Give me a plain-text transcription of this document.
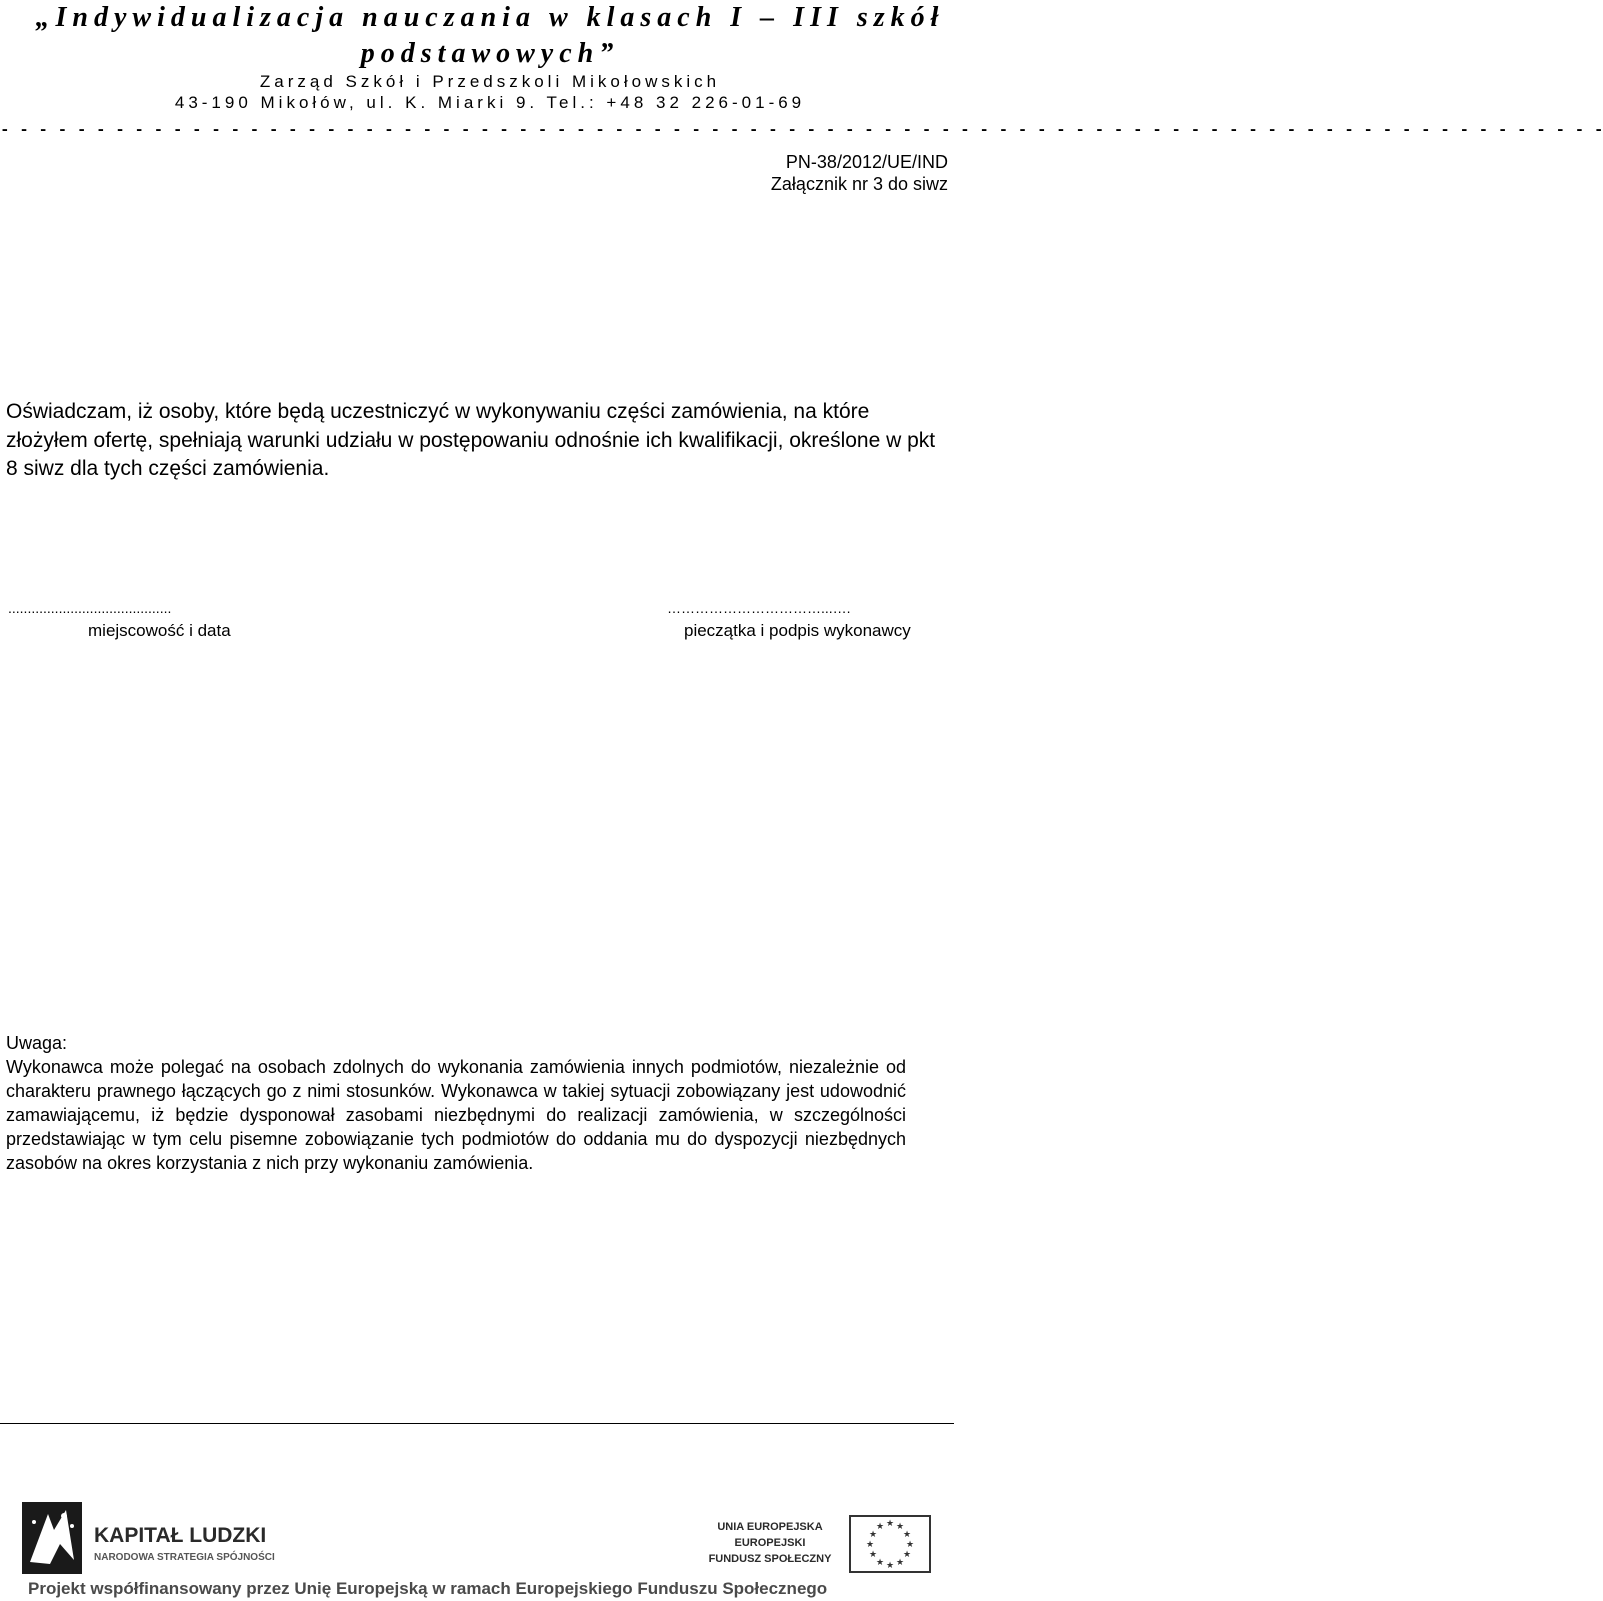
„Indywidualizacja nauczania w klasach I – III szkół
podstawowych”
Zarząd Szkół i Przedszkoli Mikołowskich
43-190 Mikołów, ul. K. Miarki 9. Tel.: +48 32 226-01-69
- - - - - - - - - - - - - - - - - - - - - - - - - - - - - - - - - - - - - - - - - - - - - - - - - - - - - - - - - - - - - - - - - - - - - - - - - - - - - - - - - - - -
PN-38/2012/UE/IND
Załącznik nr 3 do siwz
Oświadczam, iż osoby, które będą uczestniczyć w wykonywaniu części zamówienia, na które złożyłem ofertę, spełniają warunki udziału w postępowaniu odnośnie ich kwalifikacji, określone w pkt 8 siwz dla tych części zamówienia.
..........................................
miejscowość i data
……………………………...….
pieczątka i podpis wykonawcy
Uwaga:
Wykonawca może polegać na osobach zdolnych do wykonania zamówienia innych podmiotów, niezależnie od charakteru prawnego łączących go z nimi stosunków. Wykonawca w takiej sytuacji zobowiązany jest udowodnić zamawiającemu, iż będzie dysponował zasobami niezbędnymi do realizacji zamówienia, w szczególności przedstawiając w tym celu pisemne zobowiązanie tych podmiotów do oddania mu do dyspozycji niezbędnych zasobów na okres korzystania z nich przy wykonaniu zamówienia.
KAPITAŁ LUDZKI
NARODOWA STRATEGIA SPÓJNOŚCI
UNIA EUROPEJSKA
EUROPEJSKI
FUNDUSZ SPOŁECZNY
★ ★
★
★
★
★
★
★
★
★
★
★
Projekt współfinansowany przez Unię Europejską w ramach Europejskiego Funduszu Społecznego
